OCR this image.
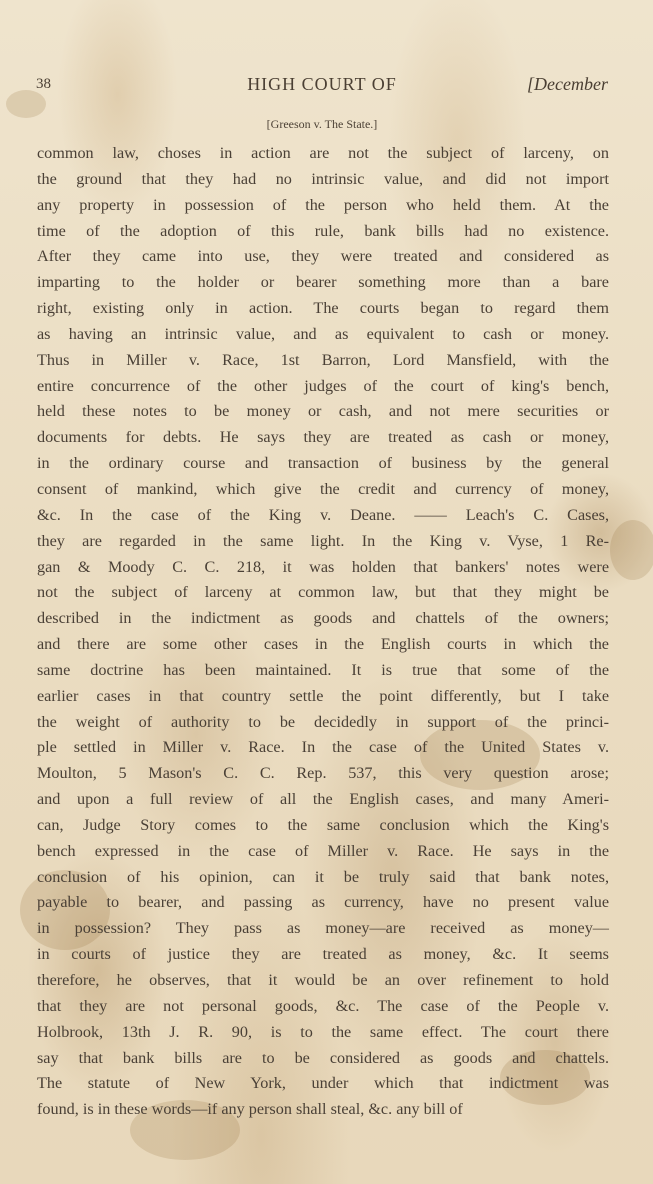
38	HIGH COURT OF	[December
[Greeson v. The State.]
common law, choses in action are not the subject of larceny, on
the ground that they had no intrinsic value, and did not import
any property in possession of the person who held them. At the
time of the adoption of this rule, bank bills had no existence.
After they came into use, they were treated and considered as
imparting to the holder or bearer something more than a bare
right, existing only in action. The courts began to regard them
as having an intrinsic value, and as equivalent to cash or money.
Thus in Miller v. Race, 1st Barron, Lord Mansfield, with the
entire concurrence of the other judges of the court of king's bench,
held these notes to be money or cash, and not mere securities or
documents for debts. He says they are treated as cash or money,
in the ordinary course and transaction of business by the general
consent of mankind, which give the credit and currency of money,
&c. In the case of the King v. Deane. —— Leach's C. Cases,
they are regarded in the same light. In the King v. Vyse, 1 Re-
gan & Moody C. C. 218, it was holden that bankers' notes were
not the subject of larceny at common law, but that they might be
described in the indictment as goods and chattels of the owners;
and there are some other cases in the English courts in which the
same doctrine has been maintained. It is true that some of the
earlier cases in that country settle the point differently, but I take
the weight of authority to be decidedly in support of the princi-
ple settled in Miller v. Race. In the case of the United States v.
Moulton, 5 Mason's C. C. Rep. 537, this very question arose;
and upon a full review of all the English cases, and many Ameri-
can, Judge Story comes to the same conclusion which the King's
bench expressed in the case of Miller v. Race. He says in the
conclusion of his opinion, can it be truly said that bank notes,
payable to bearer, and passing as currency, have no present value
in possession? They pass as money—are received as money—
in courts of justice they are treated as money, &c. It seems
therefore, he observes, that it would be an over refinement to hold
that they are not personal goods, &c. The case of the People v.
Holbrook, 13th J. R. 90, is to the same effect. The court there
say that bank bills are to be considered as goods and chattels.
The statute of New York, under which that indictment was
found, is in these words—if any person shall steal, &c. any bill of
